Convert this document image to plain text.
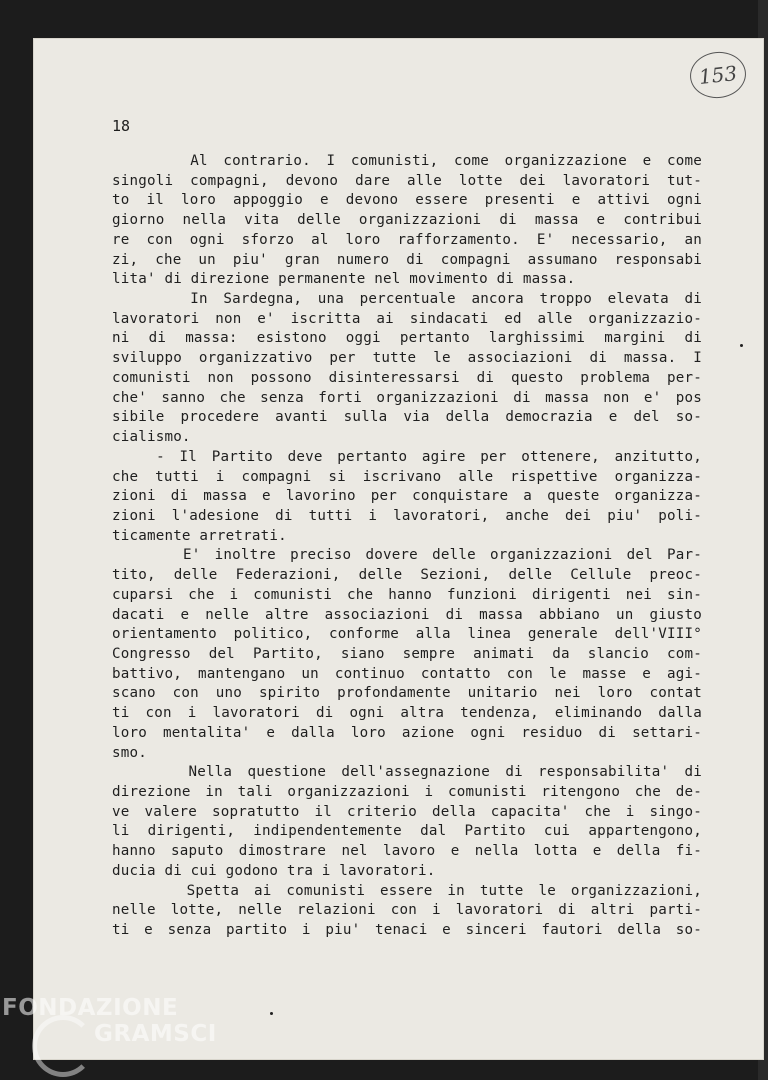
153
18
Al contrario. I comunisti, come organizzazione e come
singoli compagni, devono dare alle lotte dei lavoratori tut-
to il loro appoggio e devono essere presenti e attivi ogni
giorno nella vita delle organizzazioni di massa e contribui
re con ogni sforzo al loro rafforzamento. E' necessario, an
zi, che un piu' gran numero di compagni assumano responsabi
lita' di direzione permanente nel movimento di massa.
In Sardegna, una percentuale ancora troppo elevata di
lavoratori non e' iscritta ai sindacati ed alle organizzazio-
ni di massa: esistono oggi pertanto larghissimi margini di
sviluppo organizzativo per tutte le associazioni di massa. I
comunisti non possono disinteressarsi di questo problema per-
che' sanno che senza forti organizzazioni di massa non e' pos
sibile procedere avanti sulla via della democrazia e del so-
cialismo.
- Il Partito deve pertanto agire per ottenere, anzitutto,
che tutti i compagni si iscrivano alle rispettive organizza-
zioni di massa e lavorino per conquistare a queste organizza-
zioni l'adesione di tutti i lavoratori, anche dei piu' poli-
ticamente arretrati.
E' inoltre preciso dovere delle organizzazioni del Par-
tito, delle Federazioni, delle Sezioni, delle Cellule preoc-
cuparsi che i comunisti che hanno funzioni dirigenti nei sin-
dacati e nelle altre associazioni di massa abbiano un giusto
orientamento politico, conforme alla linea generale dell'VIII°
Congresso del Partito, siano sempre animati da slancio com-
battivo, mantengano un continuo contatto con le masse e agi-
scano con uno spirito profondamente unitario nei loro contat
ti con i lavoratori di ogni altra tendenza, eliminando dalla
loro mentalita' e dalla loro azione ogni residuo di settari-
smo.
Nella questione dell'assegnazione di responsabilita' di
direzione in tali organizzazioni i comunisti ritengono che de-
ve valere sopratutto il criterio della capacita' che i singo-
li dirigenti, indipendentemente dal Partito cui appartengono,
hanno saputo dimostrare nel lavoro e nella lotta e della fi-
ducia di cui godono tra i lavoratori.
Spetta ai comunisti essere in tutte le organizzazioni,
nelle lotte, nelle relazioni con i lavoratori di altri parti-
ti e senza partito i piu' tenaci e sinceri fautori della so-
FONDAZIONE
GRAMSCI
